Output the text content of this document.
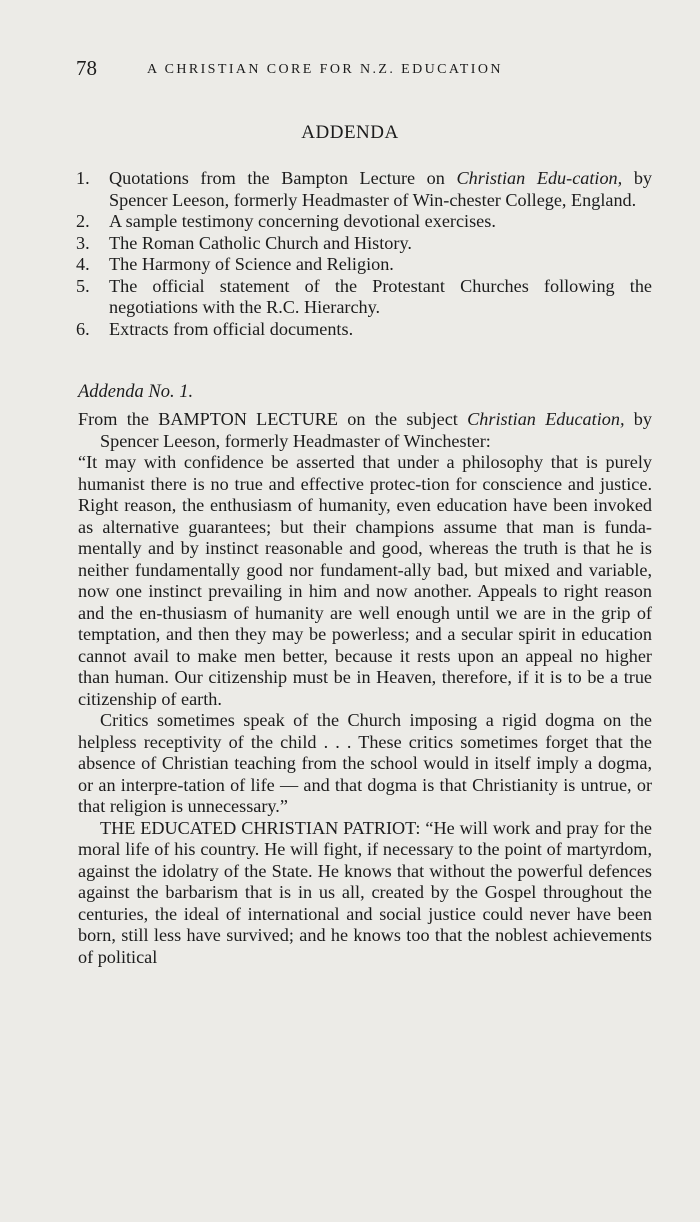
78	A CHRISTIAN CORE FOR N.Z. EDUCATION
ADDENDA
1. Quotations from the Bampton Lecture on Christian Edu-cation, by Spencer Leeson, formerly Headmaster of Win-chester College, England.
2. A sample testimony concerning devotional exercises.
3. The Roman Catholic Church and History.
4. The Harmony of Science and Religion.
5. The official statement of the Protestant Churches following the negotiations with the R.C. Hierarchy.
6. Extracts from official documents.
Addenda No. 1.

From the BAMPTON LECTURE on the subject Christian Education, by Spencer Leeson, formerly Headmaster of Winchester:

“It may with confidence be asserted that under a philosophy that is purely humanist there is no true and effective protec-tion for conscience and justice. Right reason, the enthusiasm of humanity, even education have been invoked as alternative guarantees; but their champions assume that man is funda-mentally and by instinct reasonable and good, whereas the truth is that he is neither fundamentally good nor fundament-ally bad, but mixed and variable, now one instinct prevailing in him and now another. Appeals to right reason and the en-thusiasm of humanity are well enough until we are in the grip of temptation, and then they may be powerless; and a secular spirit in education cannot avail to make men better, because it rests upon an appeal no higher than human. Our citizenship must be in Heaven, therefore, if it is to be a true citizenship of earth.

Critics sometimes speak of the Church imposing a rigid dogma on the helpless receptivity of the child . . . These critics sometimes forget that the absence of Christian teaching from the school would in itself imply a dogma, or an interpre-tation of life — and that dogma is that Christianity is untrue, or that religion is unnecessary.”

THE EDUCATED CHRISTIAN PATRIOT: “He will work and pray for the moral life of his country. He will fight, if necessary to the point of martyrdom, against the idolatry of the State. He knows that without the powerful defences against the barbarism that is in us all, created by the Gospel throughout the centuries, the ideal of international and social justice could never have been born, still less have survived; and he knows too that the noblest achievements of political
